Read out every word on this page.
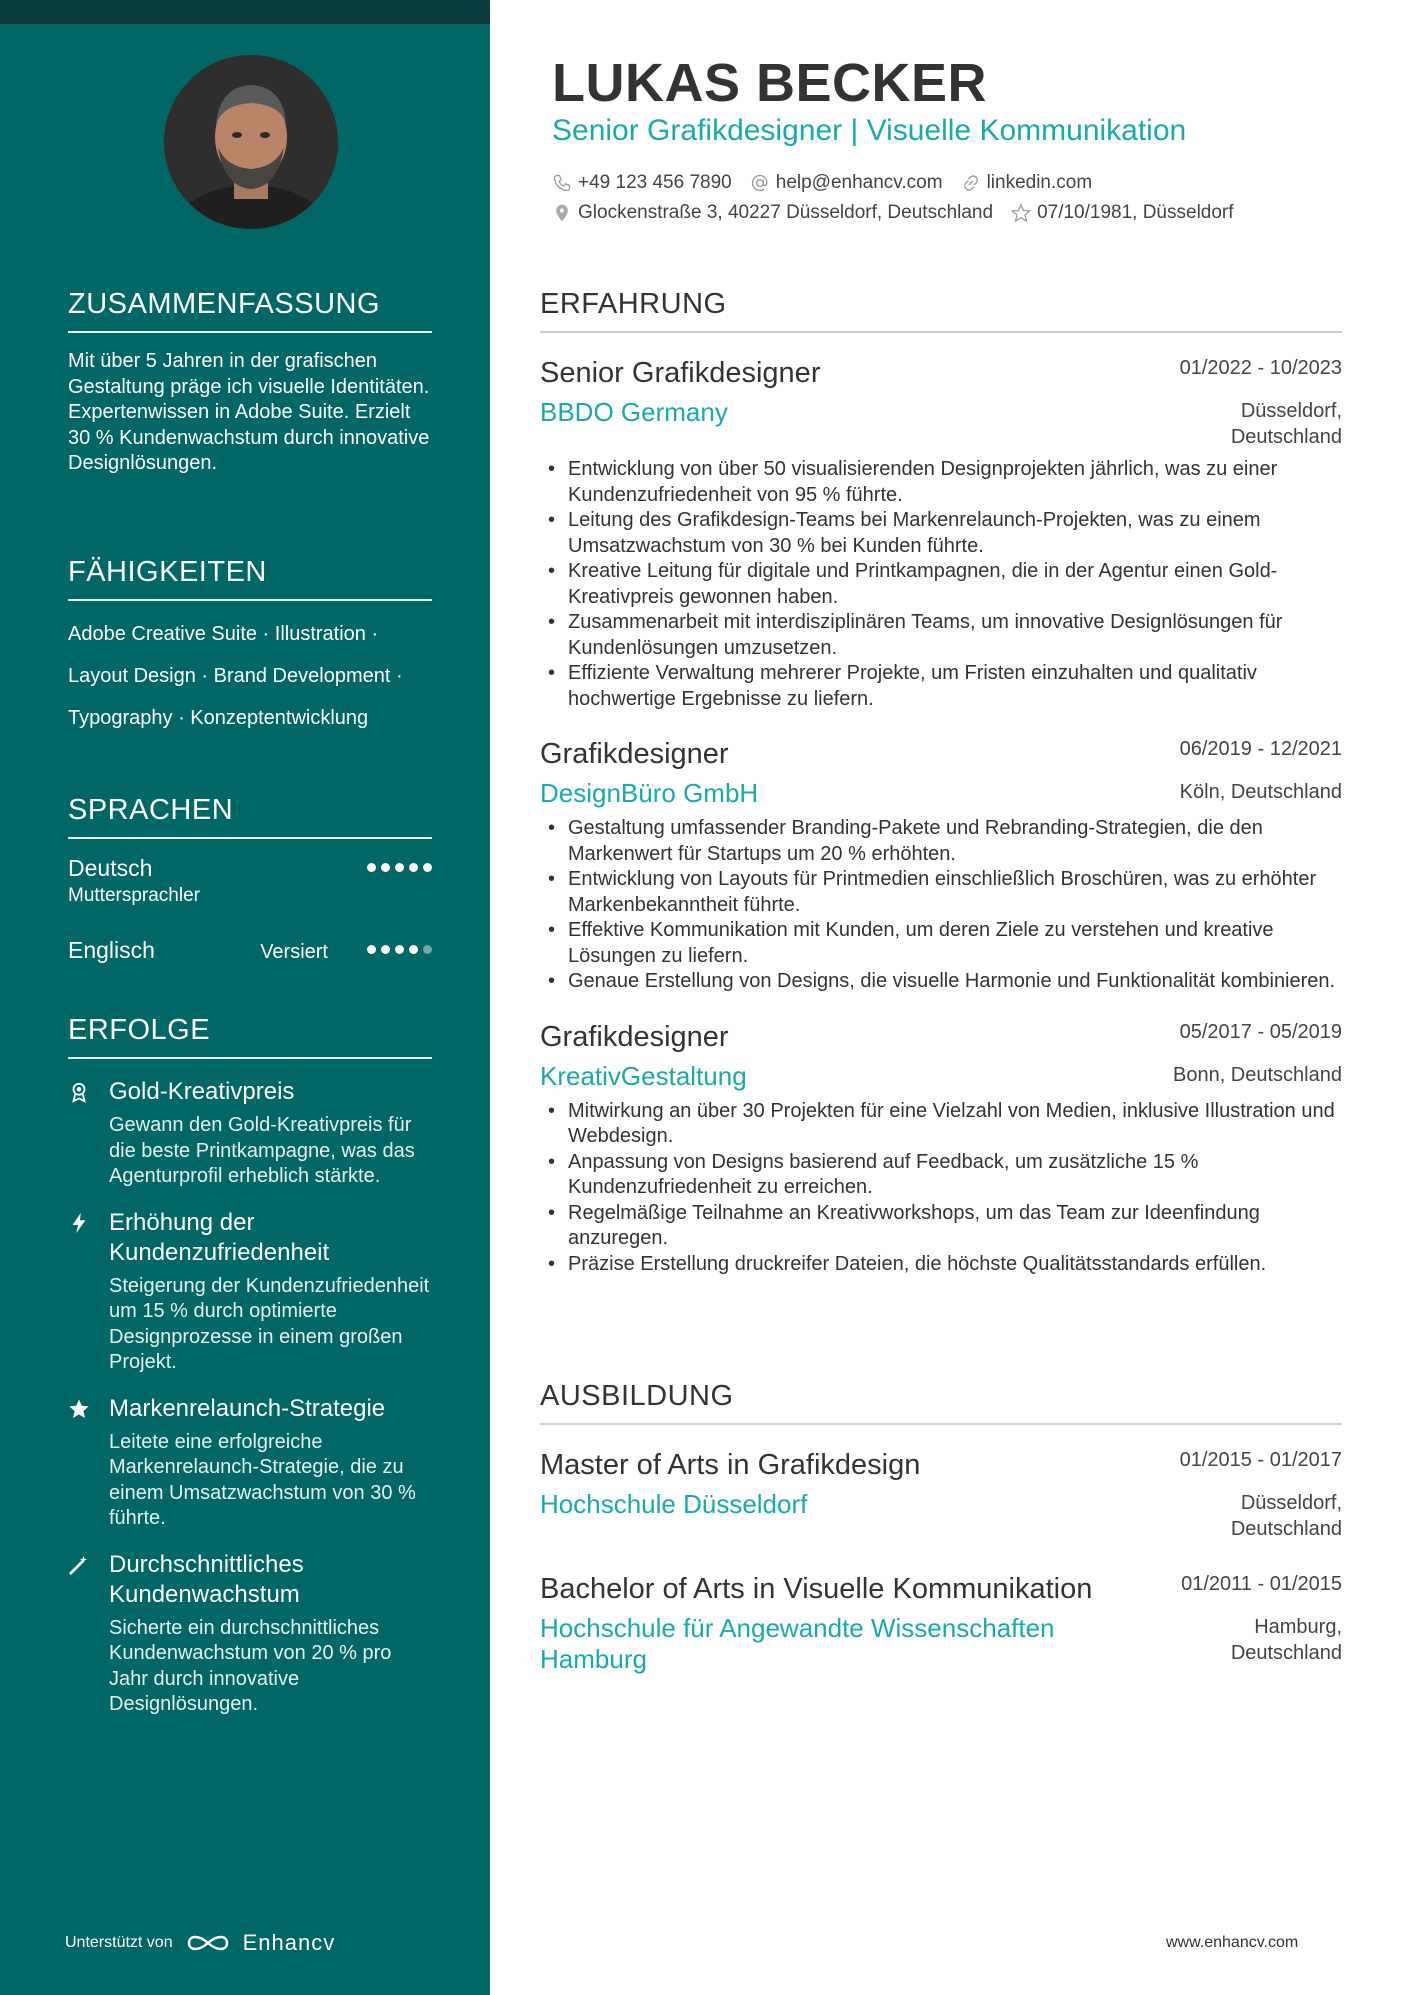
ZUSAMMENFASSUNG
Mit über 5 Jahren in der grafischen Gestaltung präge ich visuelle Identitäten. Expertenwissen in Adobe Suite. Erzielt 30 % Kundenwachstum durch innovative Designlösungen.
FÄHIGKEITEN
Adobe Creative Suite · Illustration ·
Layout Design · Brand Development ·
Typography · Konzeptentwicklung
SPRACHEN
Deutsch
Muttersprachler
Englisch	Versiert
ERFOLGE
Gold-Kreativpreis
Gewann den Gold-Kreativpreis für die beste Printkampagne, was das Agenturprofil erheblich stärkte.
Erhöhung der Kundenzufriedenheit
Steigerung der Kundenzufriedenheit um 15 % durch optimierte Designprozesse in einem großen Projekt.
Markenrelaunch-Strategie
Leitete eine erfolgreiche Markenrelaunch-Strategie, die zu einem Umsatzwachstum von 30 % führte.
Durchschnittliches Kundenwachstum
Sicherte ein durchschnittliches Kundenwachstum von 20 % pro Jahr durch innovative Designlösungen.
Unterstützt von	Enhancv
LUKAS BECKER
Senior Grafikdesigner | Visuelle Kommunikation
+49 123 456 7890 help@enhancv.com linkedin.com
Glockenstraße 3, 40227 Düsseldorf, Deutschland 07/10/1981, Düsseldorf
ERFAHRUNG
Senior Grafikdesigner	01/2022 - 10/2023
BBDO Germany	Düsseldorf, Deutschland
• Entwicklung von über 50 visualisierenden Designprojekten jährlich, was zu einer Kundenzufriedenheit von 95 % führte.
• Leitung des Grafikdesign-Teams bei Markenrelaunch-Projekten, was zu einem Umsatzwachstum von 30 % bei Kunden führte.
• Kreative Leitung für digitale und Printkampagnen, die in der Agentur einen Gold-Kreativpreis gewonnen haben.
• Zusammenarbeit mit interdisziplinären Teams, um innovative Designlösungen für Kundenlösungen umzusetzen.
• Effiziente Verwaltung mehrerer Projekte, um Fristen einzuhalten und qualitativ hochwertige Ergebnisse zu liefern.
Grafikdesigner	06/2019 - 12/2021
DesignBüro GmbH	Köln, Deutschland
• Gestaltung umfassender Branding-Pakete und Rebranding-Strategien, die den Markenwert für Startups um 20 % erhöhten.
• Entwicklung von Layouts für Printmedien einschließlich Broschüren, was zu erhöhter Markenbekanntheit führte.
• Effektive Kommunikation mit Kunden, um deren Ziele zu verstehen und kreative Lösungen zu liefern.
• Genaue Erstellung von Designs, die visuelle Harmonie und Funktionalität kombinieren.
Grafikdesigner	05/2017 - 05/2019
KreativGestaltung	Bonn, Deutschland
• Mitwirkung an über 30 Projekten für eine Vielzahl von Medien, inklusive Illustration und Webdesign.
• Anpassung von Designs basierend auf Feedback, um zusätzliche 15 % Kundenzufriedenheit zu erreichen.
• Regelmäßige Teilnahme an Kreativworkshops, um das Team zur Ideenfindung anzuregen.
• Präzise Erstellung druckreifer Dateien, die höchste Qualitätsstandards erfüllen.
AUSBILDUNG
Master of Arts in Grafikdesign	01/2015 - 01/2017
Hochschule Düsseldorf	Düsseldorf, Deutschland
Bachelor of Arts in Visuelle Kommunikation	01/2011 - 01/2015
Hochschule für Angewandte Wissenschaften Hamburg
Hamburg, Deutschland
www.enhancv.com
